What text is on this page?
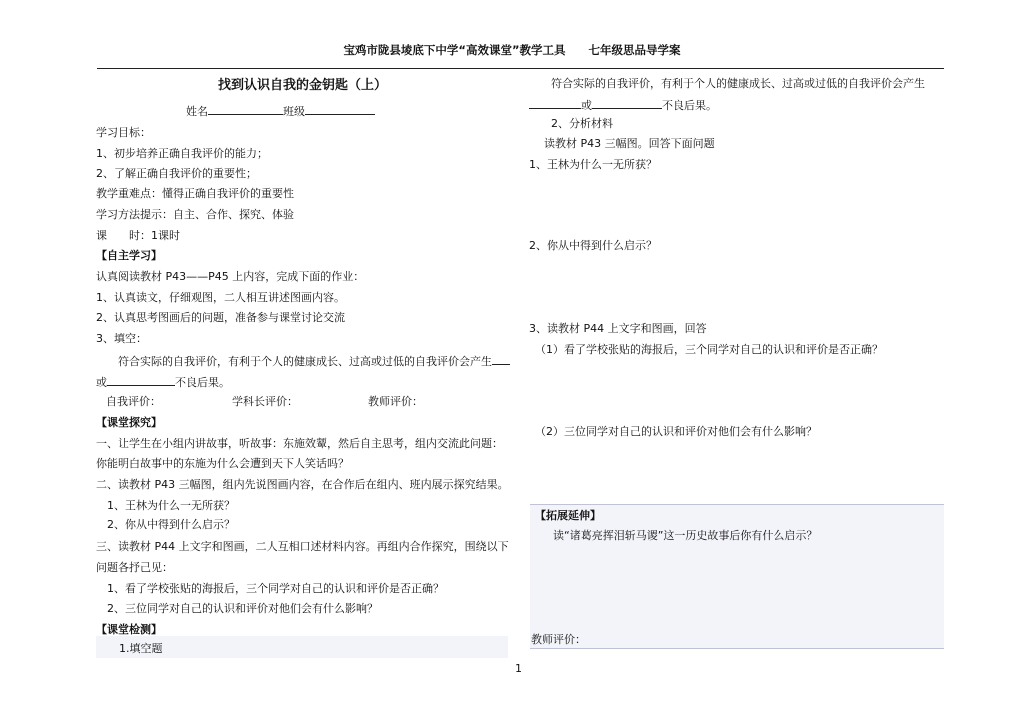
宝鸡市陇县堎底下中学“高效课堂”教学工具　　七年级思品导学案
找到认识自我的金钥匙（上）
姓名	班级
学习目标：
1、初步培养正确自我评价的能力；
2、了解正确自我评价的重要性；
教学重难点：懂得正确自我评价的重要性
学习方法提示：自主、合作、探究、体验
课　　时：1课时
【自主学习】
认真阅读教材 P43——P45 上内容，完成下面的作业：
1、认真读文，仔细观图，二人相互讲述图画内容。
2、认真思考图画后的问题，准备参与课堂讨论交流
3、填空：
符合实际的自我评价，有利于个人的健康成长、过高或过低的自我评价会产生
或	不良后果。
自我评价：	学科长评价：	教师评价：
【课堂探究】
一、让学生在小组内讲故事，听故事：东施效颦，然后自主思考，组内交流此问题：
你能明白故事中的东施为什么会遭到天下人笑话吗？
二、读教材 P43 三幅图，组内先说图画内容，在合作后在组内、班内展示探究结果。
1、王林为什么一无所获？
2、你从中得到什么启示？
三、读教材 P44 上文字和图画，二人互相口述材料内容。再组内合作探究，围绕以下
问题各抒己见：
1、看了学校张贴的海报后，三个同学对自己的认识和评价是否正确？
2、三位同学对自己的认识和评价对他们会有什么影响？
【课堂检测】
1.填空题
符合实际的自我评价，有利于个人的健康成长、过高或过低的自我评价会产生
或	不良后果。
2、分析材料
读教材 P43 三幅图。回答下面问题
1、王林为什么一无所获？
2、你从中得到什么启示？
3、读教材 P44 上文字和图画，回答
（1）看了学校张贴的海报后，三个同学对自己的认识和评价是否正确？
（2）三位同学对自己的认识和评价对他们会有什么影响？
【拓展延伸】
读“诸葛亮挥泪斩马谡”这一历史故事后你有什么启示？
教师评价：
1
